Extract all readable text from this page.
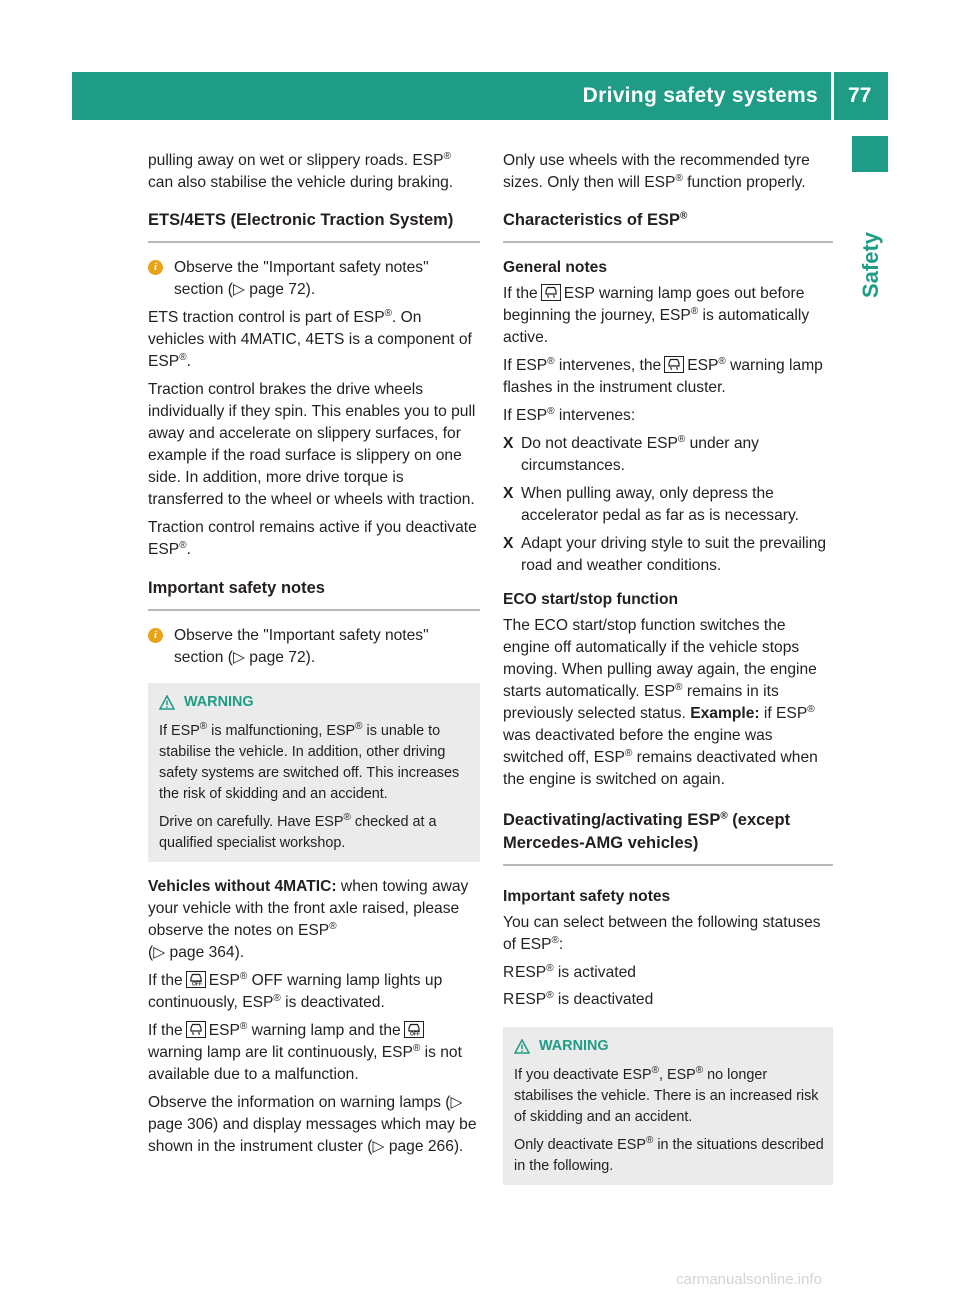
Driving safety systems 77
Safety

pulling away on wet or slippery roads. ESP®
can also stabilise the vehicle during braking.

ETS/4ETS (Electronic Traction System)
i	Observe the "Important safety notes" section (▷ page 72).

ETS traction control is part of ESP®. On vehicles with 4MATIC, 4ETS is a component of ESP®.

Traction control brakes the drive wheels individually if they spin. This enables you to pull away and accelerate on slippery surfaces, for example if the road surface is slippery on one side. In addition, more drive torque is transferred to the wheel or wheels with traction.

Traction control remains active if you deactivate ESP®.

Important safety notes
i	Observe the "Important safety notes" section (▷ page 72).
WARNING

If ESP® is malfunctioning, ESP® is unable to stabilise the vehicle. In addition, other driving safety systems are switched off. This increases the risk of skidding and an accident.

Drive on carefully. Have ESP® checked at a qualified specialist workshop.

Vehicles without 4MATIC: when towing away your vehicle with the front axle raised, please observe the notes on ESP®
(▷ page 364).

If the OFF ESP® OFF warning lamp lights up continuously, ESP® is deactivated.

If the ESP® warning lamp and the OFF

warning lamp are lit continuously, ESP® is not available due to a malfunction.

Observe the information on warning lamps (▷ page 306) and display messages which may be shown in the instrument cluster (▷ page 266).

Only use wheels with the recommended tyre sizes. Only then will ESP® function properly.

Characteristics of ESP®
General notes

If the ESP warning lamp goes out before beginning the journey, ESP® is automatically active.

If ESP® intervenes, the ESP® warning lamp flashes in the instrument cluster.

If ESP® intervenes:

X Do not deactivate ESP® under any circumstances.
X When pulling away, only depress the accelerator pedal as far as is necessary.
X Adapt your driving style to suit the prevailing road and weather conditions.
ECO start/stop function

The ECO start/stop function switches the engine off automatically if the vehicle stops moving. When pulling away again, the engine starts automatically. ESP® remains in its previously selected status. Example: if ESP® was deactivated before the engine was switched off, ESP® remains deactivated when the engine is switched on again.

Deactivating/activating ESP® (except Mercedes-AMG vehicles)
Important safety notes

You can select between the following statuses of ESP®:

R ESP® is activated
R ESP® is deactivated
WARNING

If you deactivate ESP®, ESP® no longer stabilises the vehicle. There is an increased risk of skidding and an accident.

Only deactivate ESP® in the situations described in the following.

carmanualsonline.info
